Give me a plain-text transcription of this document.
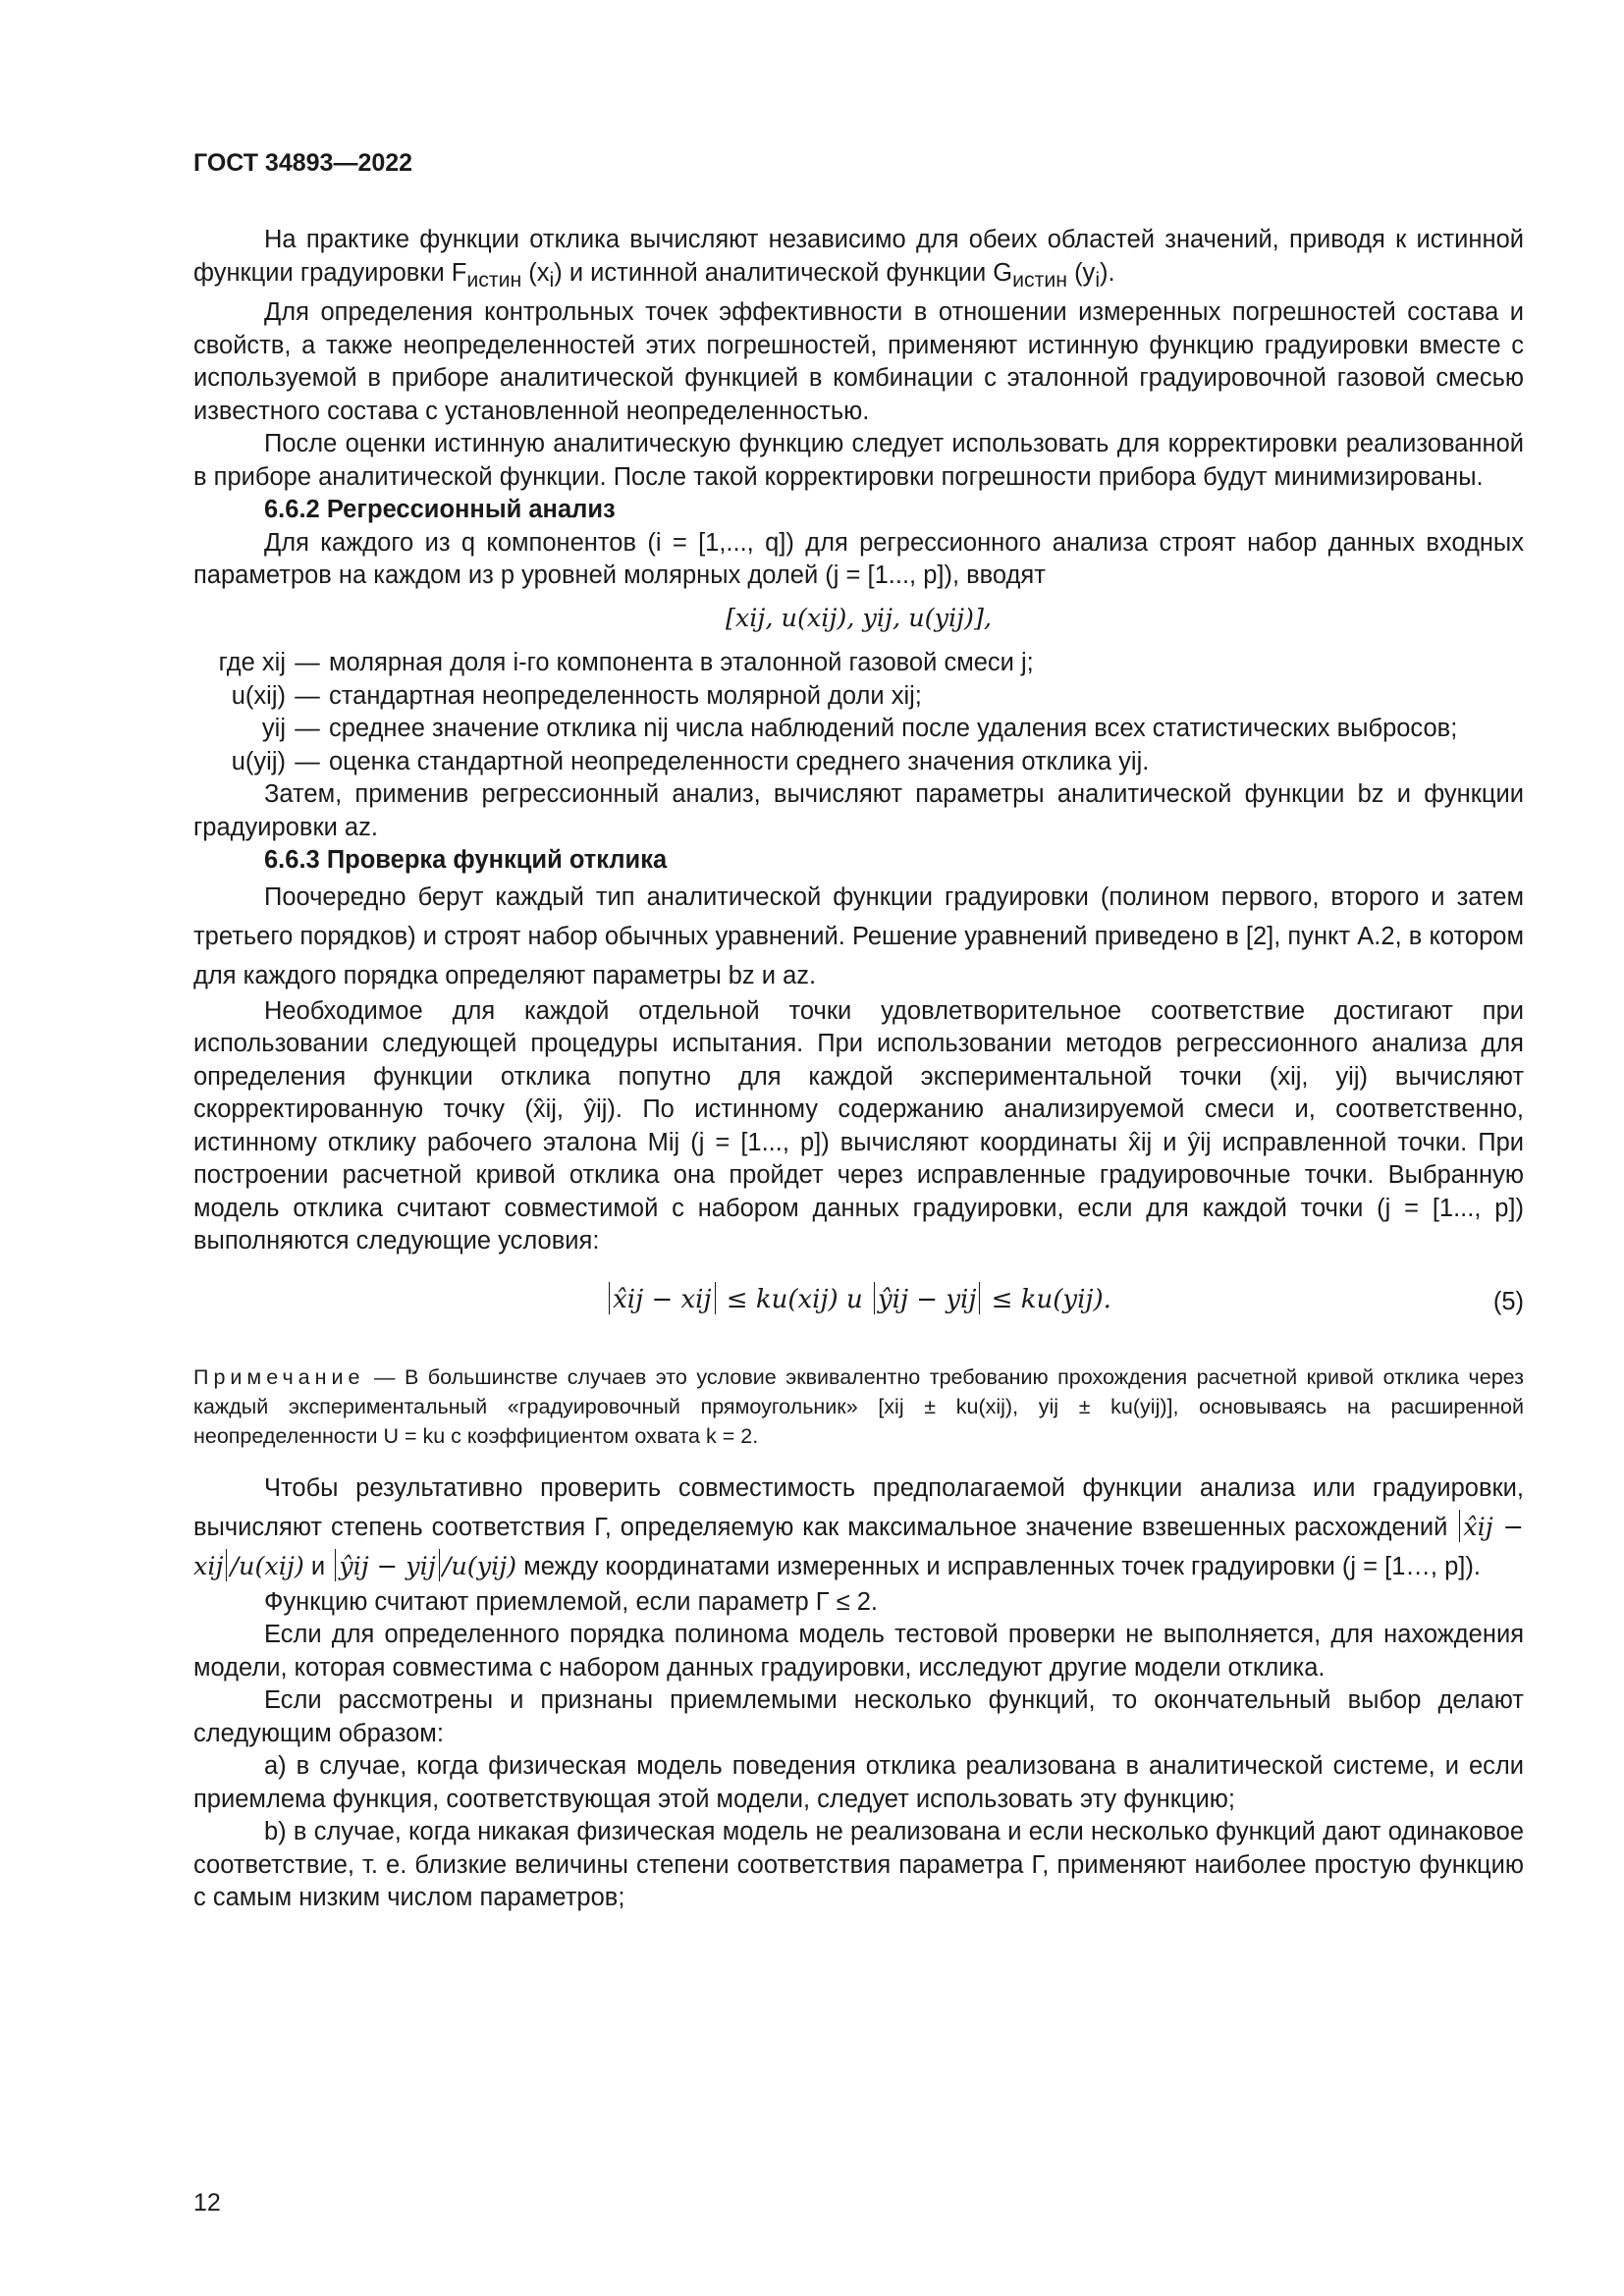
ГОСТ 34893—2022

На практике функции отклика вычисляют независимо для обеих областей значений, приводя к истинной функции градуировки $F_{истин}$ $(x_i)$ и истинной аналитической функции $G_{истин}$ $(y_i)$.

Для определения контрольных точек эффективности в отношении измеренных погрешностей состава и свойств, а также неопределенностей этих погрешностей, применяют истинную функцию градуировки вместе с используемой в приборе аналитической функцией в комбинации с эталонной градуировочной газовой смесью известного состава с установленной неопределенностью.

После оценки истинную аналитическую функцию следует использовать для корректировки реализованной в приборе аналитической функции. После такой корректировки погрешности прибора будут минимизированы.

6.6.2 Регрессионный анализ

Для каждого из q компонентов (i = [1,..., q]) для регрессионного анализа строят набор данных входных параметров на каждом из p уровней молярных долей (j = [1..., p]), вводят

[xij, u(xij), yij, u(yij)],
где xij — молярная доля i-го компонента в эталонной газовой смеси j;
u(xij) — стандартная неопределенность молярной доли xij;
yij — среднее значение отклика nij числа наблюдений после удаления всех статистических выбросов;
u(yij) — оценка стандартной неопределенности среднего значения отклика yij.

Затем, применив регрессионный анализ, вычисляют параметры аналитической функции bz и функции градуировки az.

6.6.3 Проверка функций отклика

Поочередно берут каждый тип аналитической функции градуировки (полином первого, второго и затем третьего порядков) и строят набор обычных уравнений. Решение уравнений приведено в [2], пункт А.2, в котором для каждого порядка определяют параметры bz и az.

Необходимое для каждой отдельной точки удовлетворительное соответствие достигают при использовании следующей процедуры испытания. При использовании методов регрессионного анализа для определения функции отклика попутно для каждой экспериментальной точки (xij, yij) вычисляют скорректированную точку (x̂ij, ŷij). По истинному содержанию анализируемой смеси и, соответственно, истинному отклику рабочего эталона Mij (j = [1..., p]) вычисляют координаты x̂ij и ŷij исправленной точки. При построении расчетной кривой отклика она пройдет через исправленные градуировочные точки. Выбранную модель отклика считают совместимой с набором данных градуировки, если для каждой точки (j = [1..., p]) выполняются следующие условия:

x̂ij − xij ≤ ku(xij) и ŷij − yij ≤ ku(yij).	(5)

Примечание — В большинстве случаев это условие эквивалентно требованию прохождения расчетной кривой отклика через каждый экспериментальный «градуировочный прямоугольник» [xij ± ku(xij), yij ± ku(yij)], основываясь на расширенной неопределенности U = ku с коэффициентом охвата k = 2.

Чтобы результативно проверить совместимость предполагаемой функции анализа или градуировки, вычисляют степень соответствия Г, определяемую как максимальное значение взвешенных расхождений x̂ij − xij /u(xij) и ŷij − yij /u(yij) между координатами измеренных и исправленных точек градуировки (j = [1…, p]).

Функцию считают приемлемой, если параметр Г ≤ 2.

Если для определенного порядка полинома модель тестовой проверки не выполняется, для нахождения модели, которая совместима с набором данных градуировки, исследуют другие модели отклика.

Если рассмотрены и признаны приемлемыми несколько функций, то окончательный выбор делают следующим образом:

а) в случае, когда физическая модель поведения отклика реализована в аналитической системе, и если приемлема функция, соответствующая этой модели, следует использовать эту функцию;

b) в случае, когда никакая физическая модель не реализована и если несколько функций дают одинаковое соответствие, т. е. близкие величины степени соответствия параметра Г, применяют наиболее простую функцию с самым низким числом параметров;

12
